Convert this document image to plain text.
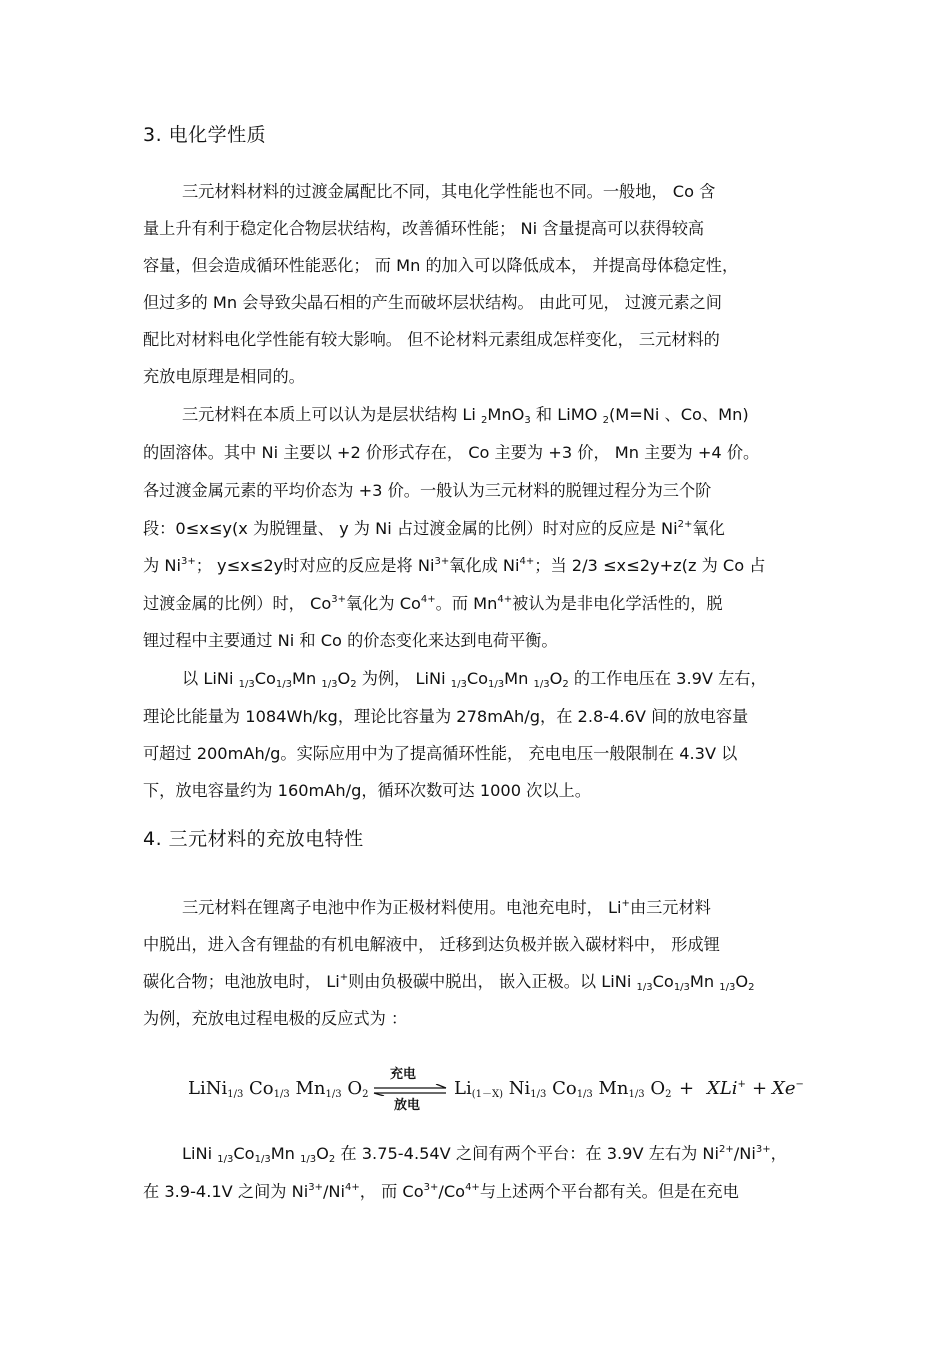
3. 电化学性质
三元材料材料的过渡金属配比不同，其电化学性能也不同。一般地， Co 含
量上升有利于稳定化合物层状结构，改善循环性能； Ni 含量提高可以获得较高
容量，但会造成循环性能恶化； 而 Mn 的加入可以降低成本， 并提高母体稳定性，
但过多的 Mn 会导致尖晶石相的产生而破坏层状结构。 由此可见， 过渡元素之间
配比对材料电化学性能有较大影响。 但不论材料元素组成怎样变化， 三元材料的
充放电原理是相同的。
三元材料在本质上可以认为是层状结构 Li $_2$MnO$_3$ 和 LiMO $_2$(M=Ni 、Co、Mn)
的固溶体。其中 Ni 主要以 +2 价形式存在， Co 主要为 +3 价， Mn 主要为 +4 价。
各过渡金属元素的平均价态为 +3 价。一般认为三元材料的脱锂过程分为三个阶
段：0≤x≤y(x 为脱锂量、 y 为 Ni 占过渡金属的比例）时对应的反应是 $Ni^{2+}$氧化
为 $Ni^{3+}$； y≤x≤2y时对应的反应是将 $Ni^{3+}$氧化成 $Ni^{4+}$；当 2/3 ≤x≤2y+z(z 为 Co 占
过渡金属的比例）时， $Co^{3+}$氧化为 $Co^{4+}$。而 $Mn^{4+}$被认为是非电化学活性的，脱
锂过程中主要通过 Ni 和 Co 的价态变化来达到电荷平衡。
以 LiNi $_{1/3}Co_{1/3}Mn$ $_{1/3}O_2$ 为例， LiNi $_{1/3}Co_{1/3}Mn$ $_{1/3}O_2$ 的工作电压在 3.9V 左右，
理论比能量为 1084Wh/kg，理论比容量为 278mAh/g，在 2.8-4.6V 间的放电容量
可超过 200mAh/g。实际应用中为了提高循环性能， 充电电压一般限制在 4.3V 以
下，放电容量约为 160mAh/g，循环次数可达 1000 次以上。
4. 三元材料的充放电特性
三元材料在锂离子电池中作为正极材料使用。电池充电时， Li+由三元材料
中脱出，进入含有锂盐的有机电解液中， 迁移到达负极并嵌入碳材料中， 形成锂
碳化合物；电池放电时， Li+则由负极碳中脱出， 嵌入正极。以 LiNi $_{1/3}Co_{1/3}Mn$ $_{1/3}O_2$
为例，充放电过程电极的反应式为 ：
LiNi$_{1/3}$ $Co_{1/3}$ $Mn_{1/3}$ $O_2$
充电
放电
$Li_{(1-X)}$ $Ni_{1/3}$ $Co_{1/3}$ $Mn_{1/3}$ $O_2 + XLi^+ + Xe^-$
LiNi $_{1/3}Co_{1/3}Mn$ $_{1/3}O_2$ 在 3.75-4.54V 之间有两个平台：在 3.9V 左右为 $Ni^{2+}/Ni^{3+}$，
在 3.9-4.1V 之间为 $Ni^{3+}/Ni^{4+}$， 而 $Co^{3+}/Co^{4+}$与上述两个平台都有关。但是在充电
